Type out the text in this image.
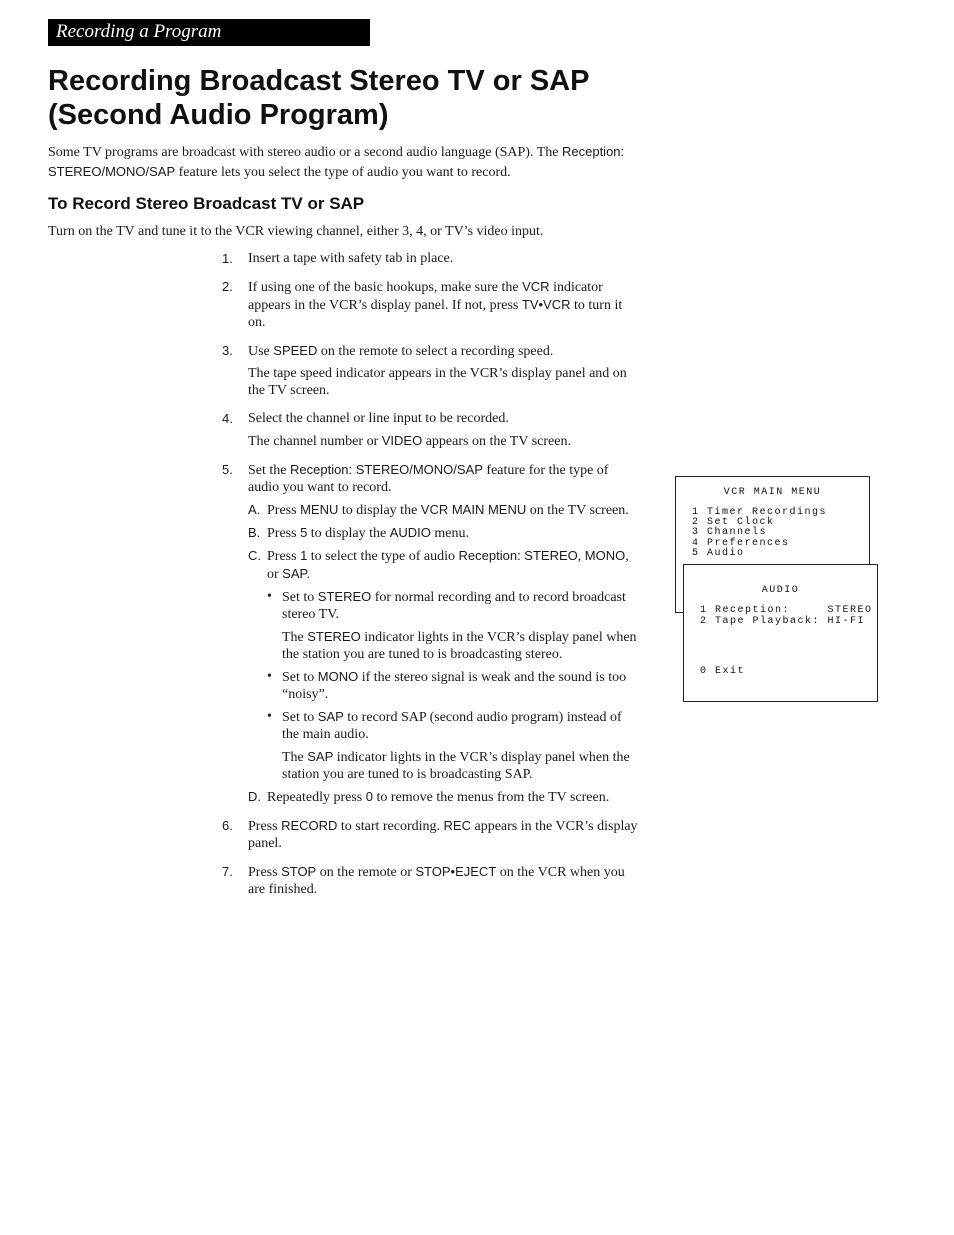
Recording a Program
Recording Broadcast Stereo TV or SAP (Second Audio Program)

Some TV programs are broadcast with stereo audio or a second audio language (SAP). The Reception: STEREO/MONO/SAP feature lets you select the type of audio you want to record.

To Record Stereo Broadcast TV or SAP

Turn on the TV and tune it to the VCR viewing channel, either 3, 4, or TV’s video input.

1. Insert a tape with safety tab in place.
2. If using one of the basic hookups, make sure the VCR indicator appears in the VCR’s display panel. If not, press TV•VCR to turn it on.
3. Use SPEED on the remote to select a recording speed.
The tape speed indicator appears in the VCR’s display panel and on the TV screen.
4. Select the channel or line input to be recorded.
The channel number or VIDEO appears on the TV screen.
5. Set the Reception: STEREO/MONO/SAP feature for the type of audio you want to record.
A. Press MENU to display the VCR MAIN MENU on the TV screen.
B. Press 5 to display the AUDIO menu.
C. Press 1 to select the type of audio Reception: STEREO, MONO, or SAP.
• Set to STEREO for normal recording and to record broadcast stereo TV.
The STEREO indicator lights in the VCR’s display panel when the station you are tuned to is broadcasting stereo.
• Set to MONO if the stereo signal is weak and the sound is too “noisy”.
• Set to SAP to record SAP (second audio program) instead of the main audio.
The SAP indicator lights in the VCR’s display panel when the station you are tuned to is broadcasting SAP.
D. Repeatedly press 0 to remove the menus from the TV screen.
6. Press RECORD to start recording. REC appears in the VCR’s display panel.
7. Press STOP on the remote or STOP•EJECT on the VCR when you are finished.
VCR MAIN MENU
1 Timer Recordings
2 Set Clock
3 Channels
4 Preferences
5 Audio
AUDIO
1 Reception:     STEREO
2 Tape Playback: HI-FI
0 Exit
